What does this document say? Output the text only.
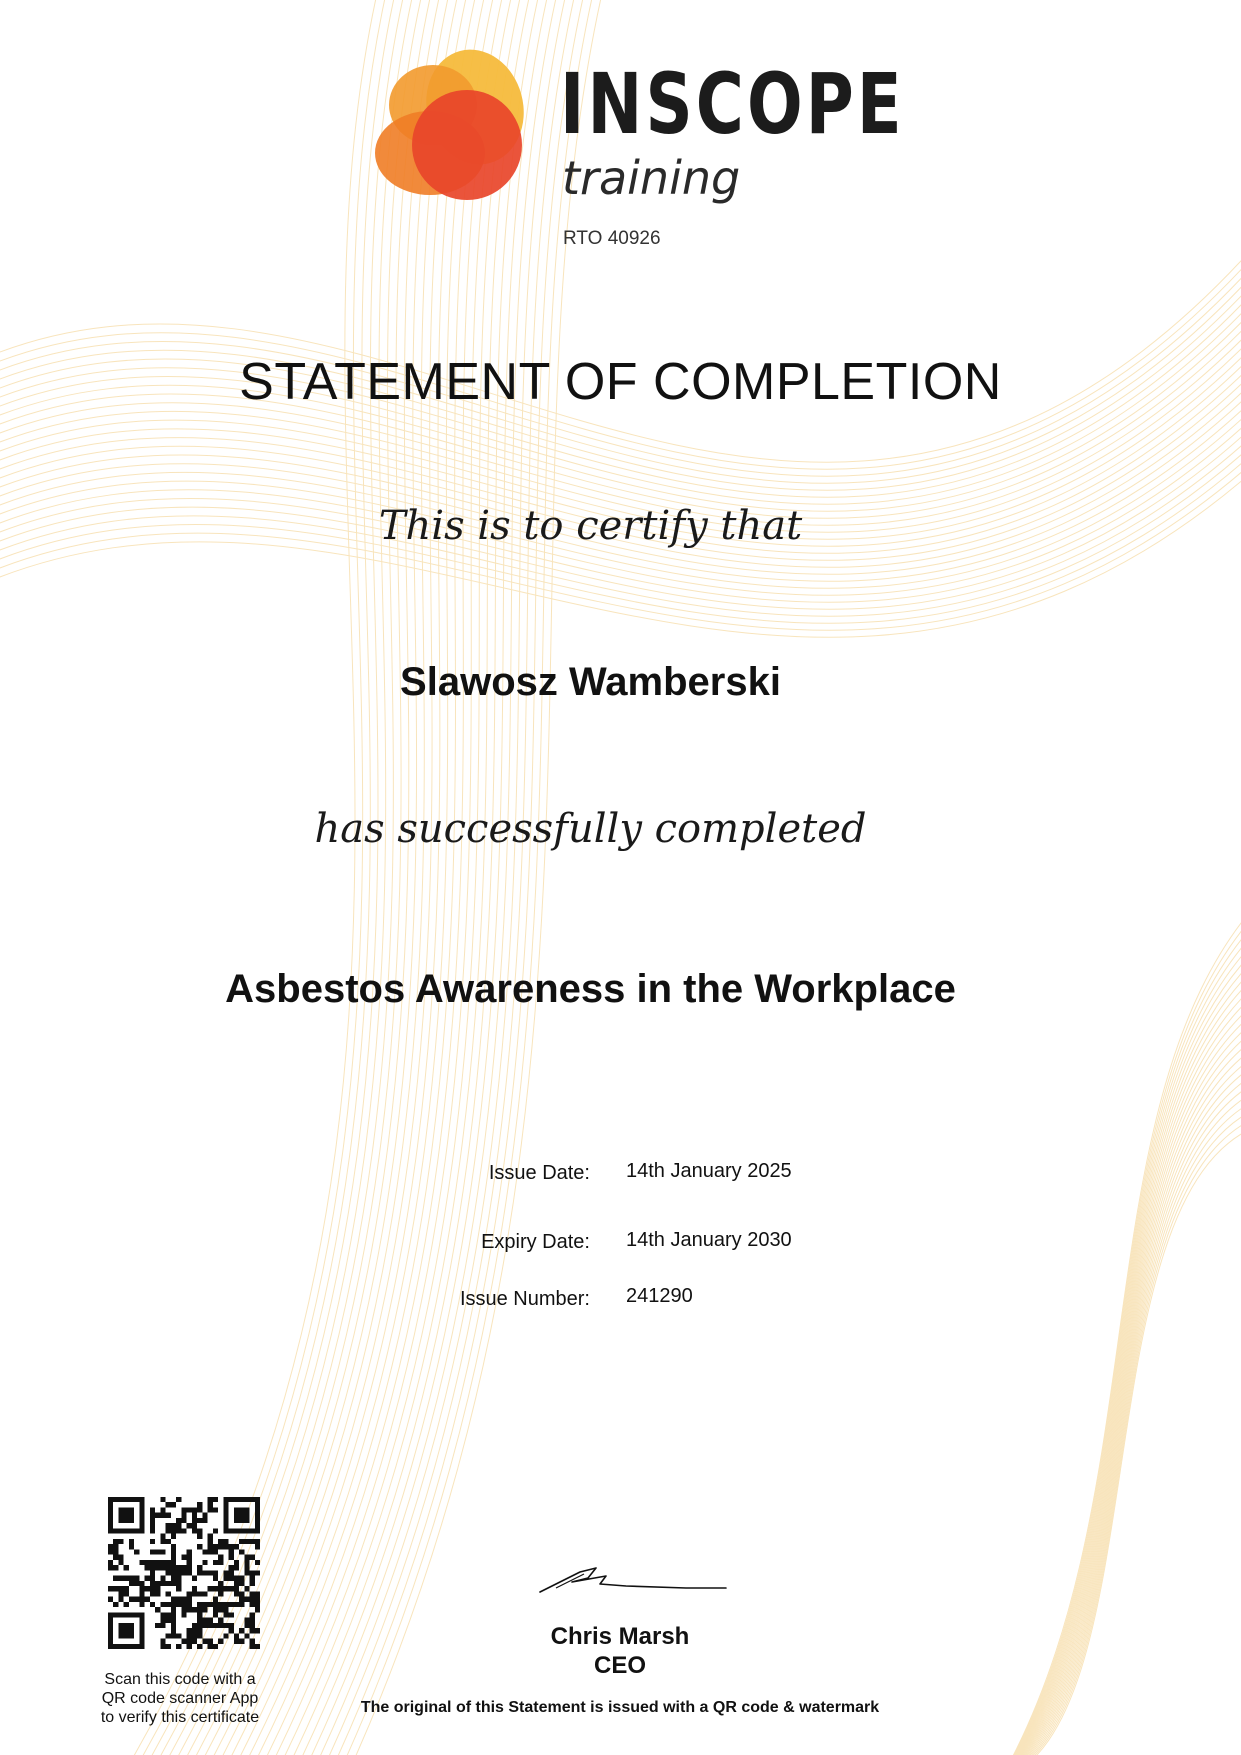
INSCOPE
training
RTO 40926
STATEMENT OF COMPLETION
This is to certify that
Slawosz Wamberski
has successfully completed
Asbestos Awareness in the Workplace
Issue Date: 14th January 2025
Expiry Date: 14th January 2030
Issue Number: 241290
Scan this code with a
QR code scanner App
to verify this certificate
Chris Marsh
CEO
The original of this Statement is issued with a QR code & watermark
